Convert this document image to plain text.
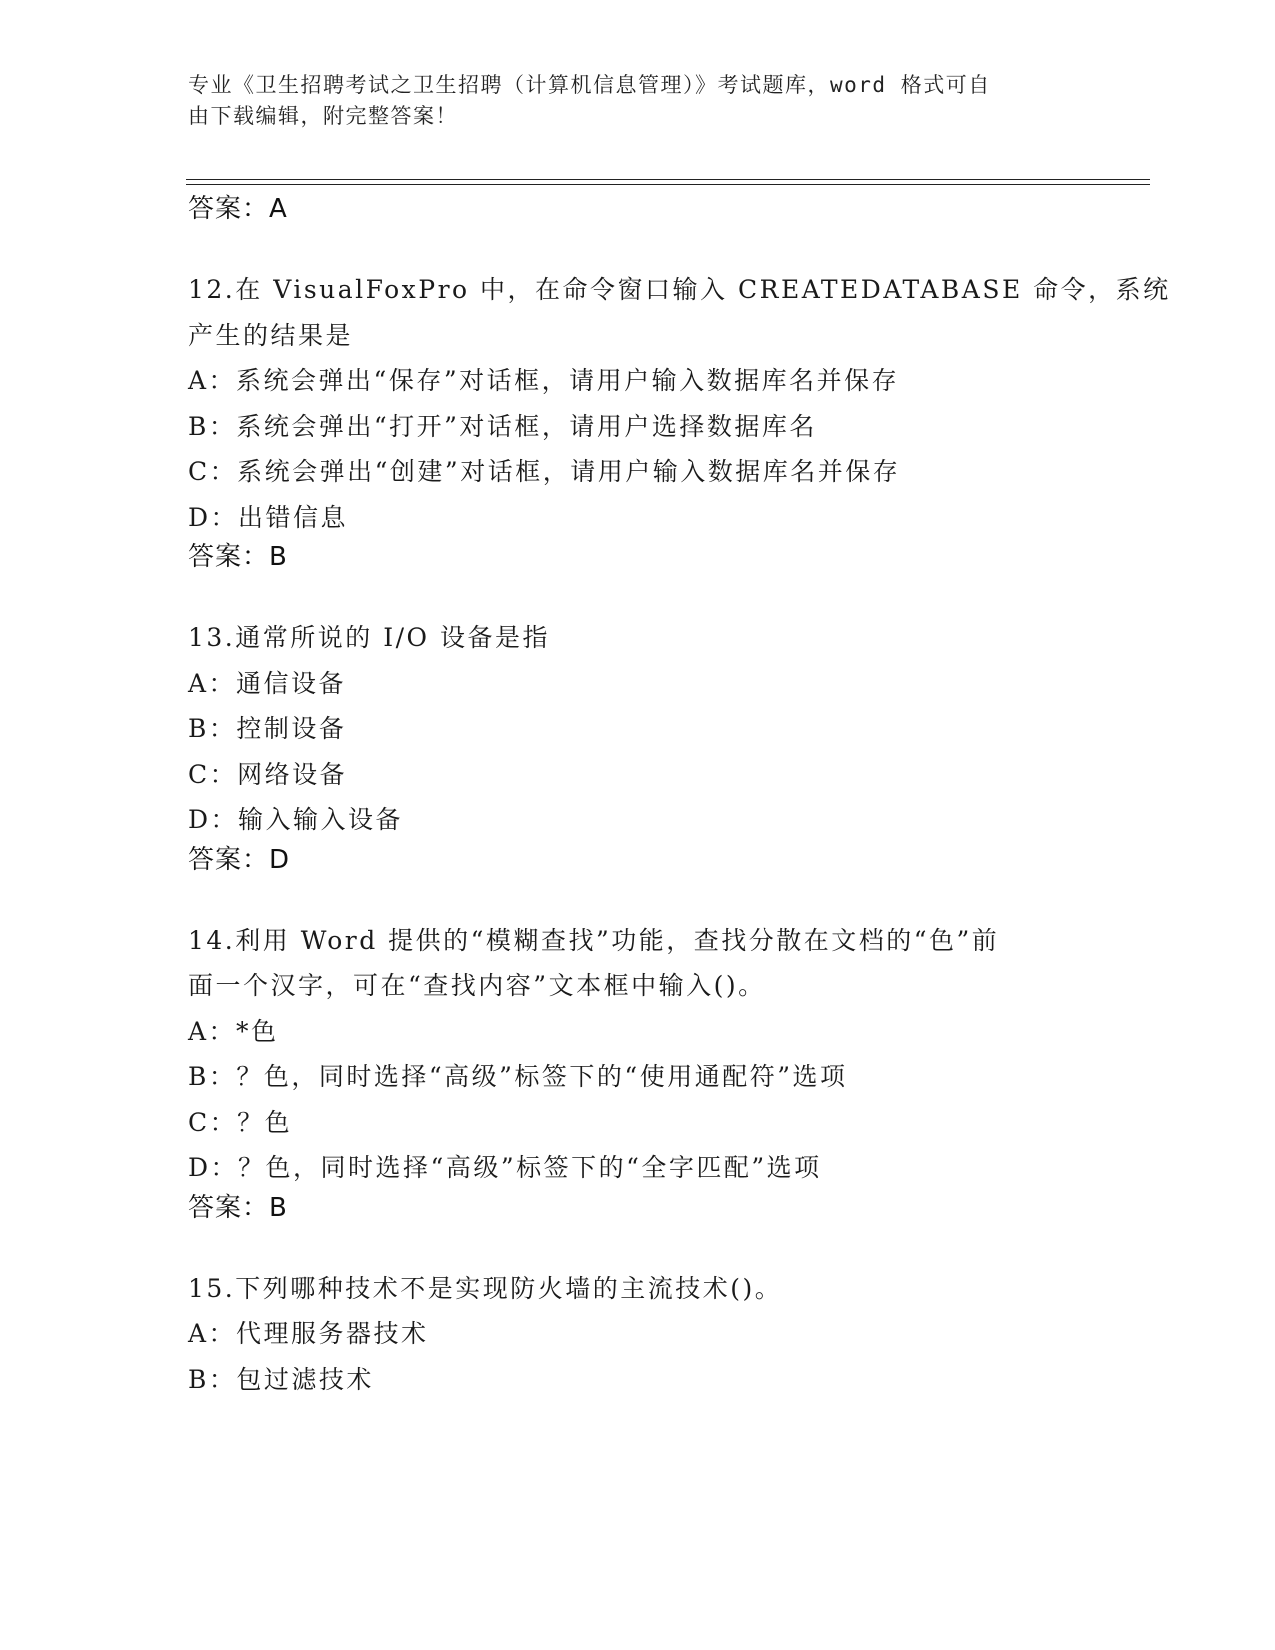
专业《卫生招聘考试之卫生招聘（计算机信息管理）》考试题库，word 格式可自
由下载编辑，附完整答案！
答案：A
12.在 VisualFoxPro 中，在命令窗口输入 CREATEDATABASE 命令，系统
产生的结果是
A：系统会弹出“保存”对话框，请用户输入数据库名并保存
B：系统会弹出“打开”对话框，请用户选择数据库名
C：系统会弹出“创建”对话框，请用户输入数据库名并保存
D：出错信息
答案：B
13.通常所说的 I/O 设备是指
A：通信设备
B：控制设备
C：网络设备
D：输入输入设备
答案：D
14.利用 Word 提供的“模糊查找”功能，查找分散在文档的“色”前
面一个汉字，可在“查找内容”文本框中输入()。
A：*色
B：？色，同时选择“高级”标签下的“使用通配符”选项
C：？色
D：？色，同时选择“高级”标签下的“全字匹配”选项
答案：B
15.下列哪种技术不是实现防火墙的主流技术()。
A：代理服务器技术
B：包过滤技术
